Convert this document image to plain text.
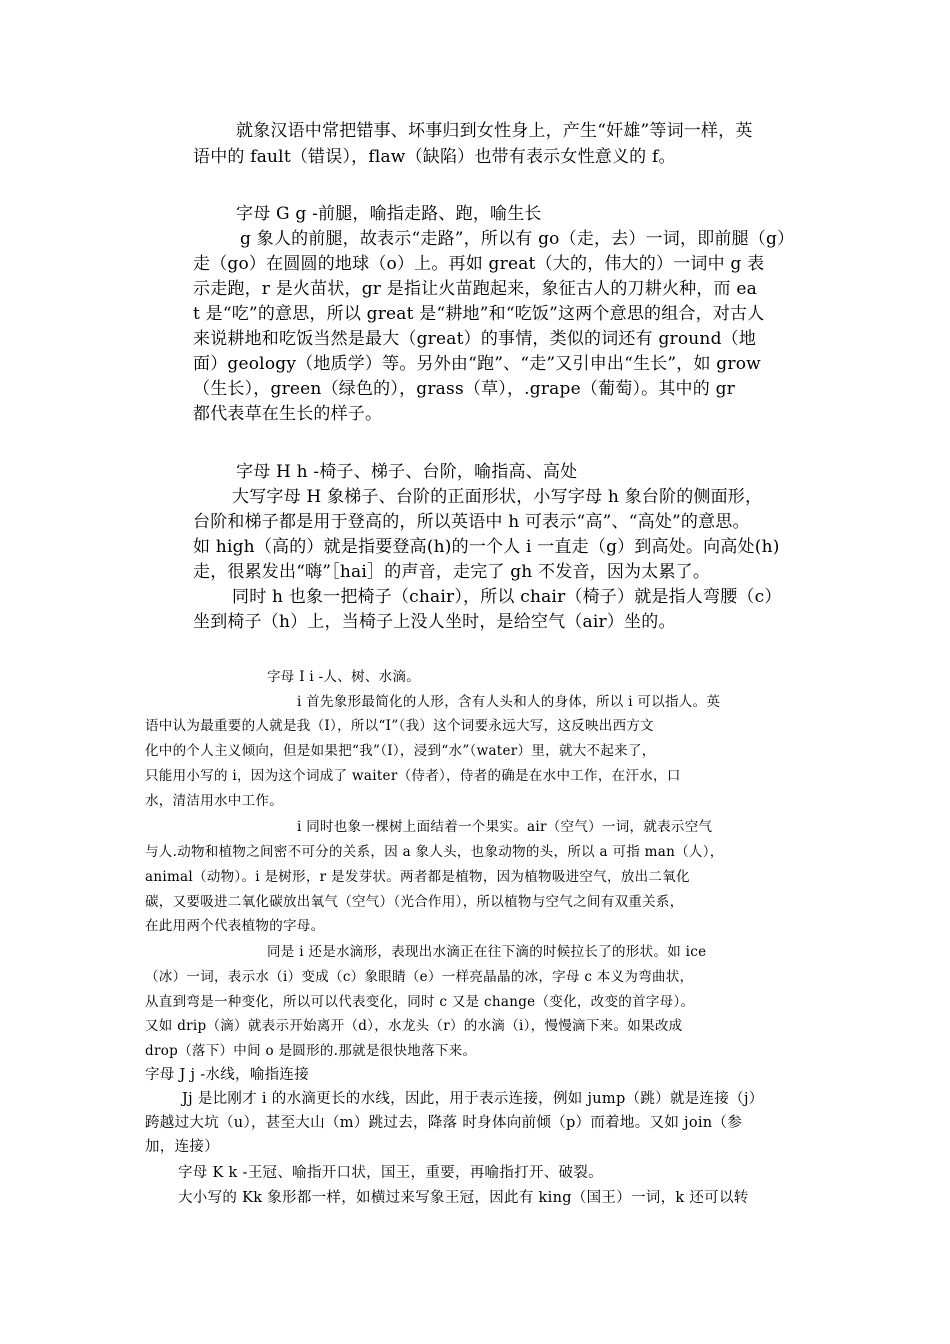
就象汉语中常把错事、坏事归到女性身上，产生“奸雄”等词一样，英

语中的 fault（错误），flaw（缺陷）也带有表示女性意义的 f。

字母 G g -前腿，喻指走路、跑，喻生长

g 象人的前腿，故表示“走路”，所以有 go（走，去）一词，即前腿（g）

走（go）在圆圆的地球（o）上。再如 great（大的，伟大的）一词中 g 表

示走跑，r 是火苗状，gr 是指让火苗跑起来，象征古人的刀耕火种，而 ea

t 是“吃”的意思，所以 great 是“耕地”和“吃饭”这两个意思的组合，对古人

来说耕地和吃饭当然是最大（great）的事情，类似的词还有 ground（地

面）geology（地质学）等。另外由“跑”、“走”又引申出“生长”，如 grow

（生长），green（绿色的），grass（草），.grape（葡萄）。其中的 gr

都代表草在生长的样子。

字母 H h -椅子、梯子、台阶，喻指高、高处

大写字母 H 象梯子、台阶的正面形状，小写字母 h 象台阶的侧面形，

台阶和梯子都是用于登高的，所以英语中 h 可表示“高”、“高处”的意思。

如 high（高的）就是指要登高(h)的一个人 i 一直走（g）到高处。向高处(h)

走，很累发出“嗨”［hai］的声音，走完了 gh 不发音，因为太累了。

同时 h 也象一把椅子（chair），所以 chair（椅子）就是指人弯腰（c）

坐到椅子（h）上，当椅子上没人坐时，是给空气（air）坐的。

字母 I i -人、树、水滴。

i 首先象形最简化的人形，含有人头和人的身体，所以 i 可以指人。英

语中认为最重要的人就是我（I），所以“I”（我）这个词要永远大写，这反映出西方文

化中的个人主义倾向，但是如果把“我”（I），浸到“水”（water）里，就大不起来了，

只能用小写的 i，因为这个词成了 waiter（侍者），侍者的确是在水中工作，在汗水，口

水，清洁用水中工作。

i 同时也象一棵树上面结着一个果实。air（空气）一词，就表示空气

与人.动物和植物之间密不可分的关系，因 a 象人头，也象动物的头，所以 a 可指 man（人），

animal（动物）。i 是树形，r 是发芽状。两者都是植物，因为植物吸进空气，放出二氧化

碳，又要吸进二氧化碳放出氧气（空气）（光合作用），所以植物与空气之间有双重关系，

在此用两个代表植物的字母。

同是 i 还是水滴形，表现出水滴正在往下滴的时候拉长了的形状。如 ice

（冰）一词，表示水（i）变成（c）象眼睛（e）一样亮晶晶的冰，字母 c 本义为弯曲状，

从直到弯是一种变化，所以可以代表变化，同时 c 又是 change（变化，改变的首字母）。

又如 drip（滴）就表示开始离开（d），水龙头（r）的水滴（i），慢慢滴下来。如果改成

drop（落下）中间 o 是圆形的.那就是很快地落下来。

字母 J j -水线，喻指连接

Jj 是比刚才 i 的水滴更长的水线，因此，用于表示连接，例如 jump（跳）就是连接（j）

跨越过大坑（u），甚至大山（m）跳过去，降落 时身体向前倾（p）而着地。又如 join（参

加，连接）

字母 K k -王冠、喻指开口状，国王，重要，再喻指打开、破裂。

大小写的 Kk 象形都一样，如横过来写象王冠，因此有 king（国王）一词，k 还可以转
